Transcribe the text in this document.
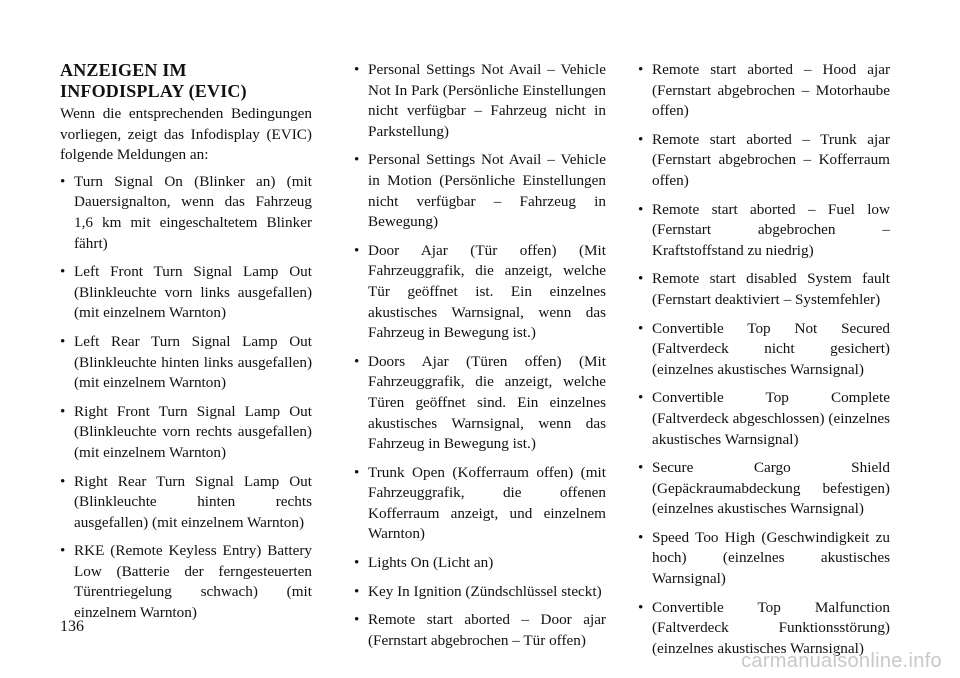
ANZEIGEN IM INFODISPLAY (EVIC)

Wenn die entsprechenden Bedingungen vorliegen, zeigt das Infodisplay (EVIC) folgende Meldungen an:

• Turn Signal On (Blinker an) (mit Dauersignalton, wenn das Fahrzeug 1,6 km mit eingeschaltetem Blinker fährt)
• Left Front Turn Signal Lamp Out (Blinkleuchte vorn links ausgefallen) (mit einzelnem Warnton)
• Left Rear Turn Signal Lamp Out (Blinkleuchte hinten links ausgefallen) (mit einzelnem Warnton)
• Right Front Turn Signal Lamp Out (Blinkleuchte vorn rechts ausgefallen) (mit einzelnem Warnton)
• Right Rear Turn Signal Lamp Out (Blinkleuchte hinten rechts ausgefallen) (mit einzelnem Warnton)
• RKE (Remote Keyless Entry) Battery Low (Batterie der ferngesteuerten Türentriegelung schwach) (mit einzelnem Warnton)
• Personal Settings Not Avail – Vehicle Not In Park (Persönliche Einstellungen nicht verfügbar – Fahrzeug nicht in Parkstellung)
• Personal Settings Not Avail – Vehicle in Motion (Persönliche Einstellungen nicht verfügbar – Fahrzeug in Bewegung)
• Door Ajar (Tür offen) (Mit Fahrzeuggrafik, die anzeigt, welche Tür geöffnet ist. Ein einzelnes akustisches Warnsignal, wenn das Fahrzeug in Bewegung ist.)
• Doors Ajar (Türen offen) (Mit Fahrzeuggrafik, die anzeigt, welche Türen geöffnet sind. Ein einzelnes akustisches Warnsignal, wenn das Fahrzeug in Bewegung ist.)
• Trunk Open (Kofferraum offen) (mit Fahrzeuggrafik, die offenen Kofferraum anzeigt, und einzelnem Warnton)
• Lights On (Licht an)
• Key In Ignition (Zündschlüssel steckt)
• Remote start aborted – Door ajar (Fernstart abgebrochen – Tür offen)
• Remote start aborted – Hood ajar (Fernstart abgebrochen – Motorhaube offen)
• Remote start aborted – Trunk ajar (Fernstart abgebrochen – Kofferraum offen)
• Remote start aborted – Fuel low (Fernstart abgebrochen – Kraftstoffstand zu niedrig)
• Remote start disabled System fault (Fernstart deaktiviert – Systemfehler)
• Convertible Top Not Secured (Faltverdeck nicht gesichert) (einzelnes akustisches Warnsignal)
• Convertible Top Complete (Faltverdeck abgeschlossen) (einzelnes akustisches Warnsignal)
• Secure Cargo Shield (Gepäckraumabdeckung befestigen) (einzelnes akustisches Warnsignal)
• Speed Too High (Geschwindigkeit zu hoch) (einzelnes akustisches Warnsignal)
• Convertible Top Malfunction (Faltverdeck Funktionsstörung) (einzelnes akustisches Warnsignal)
136
carmanualsonline.info
